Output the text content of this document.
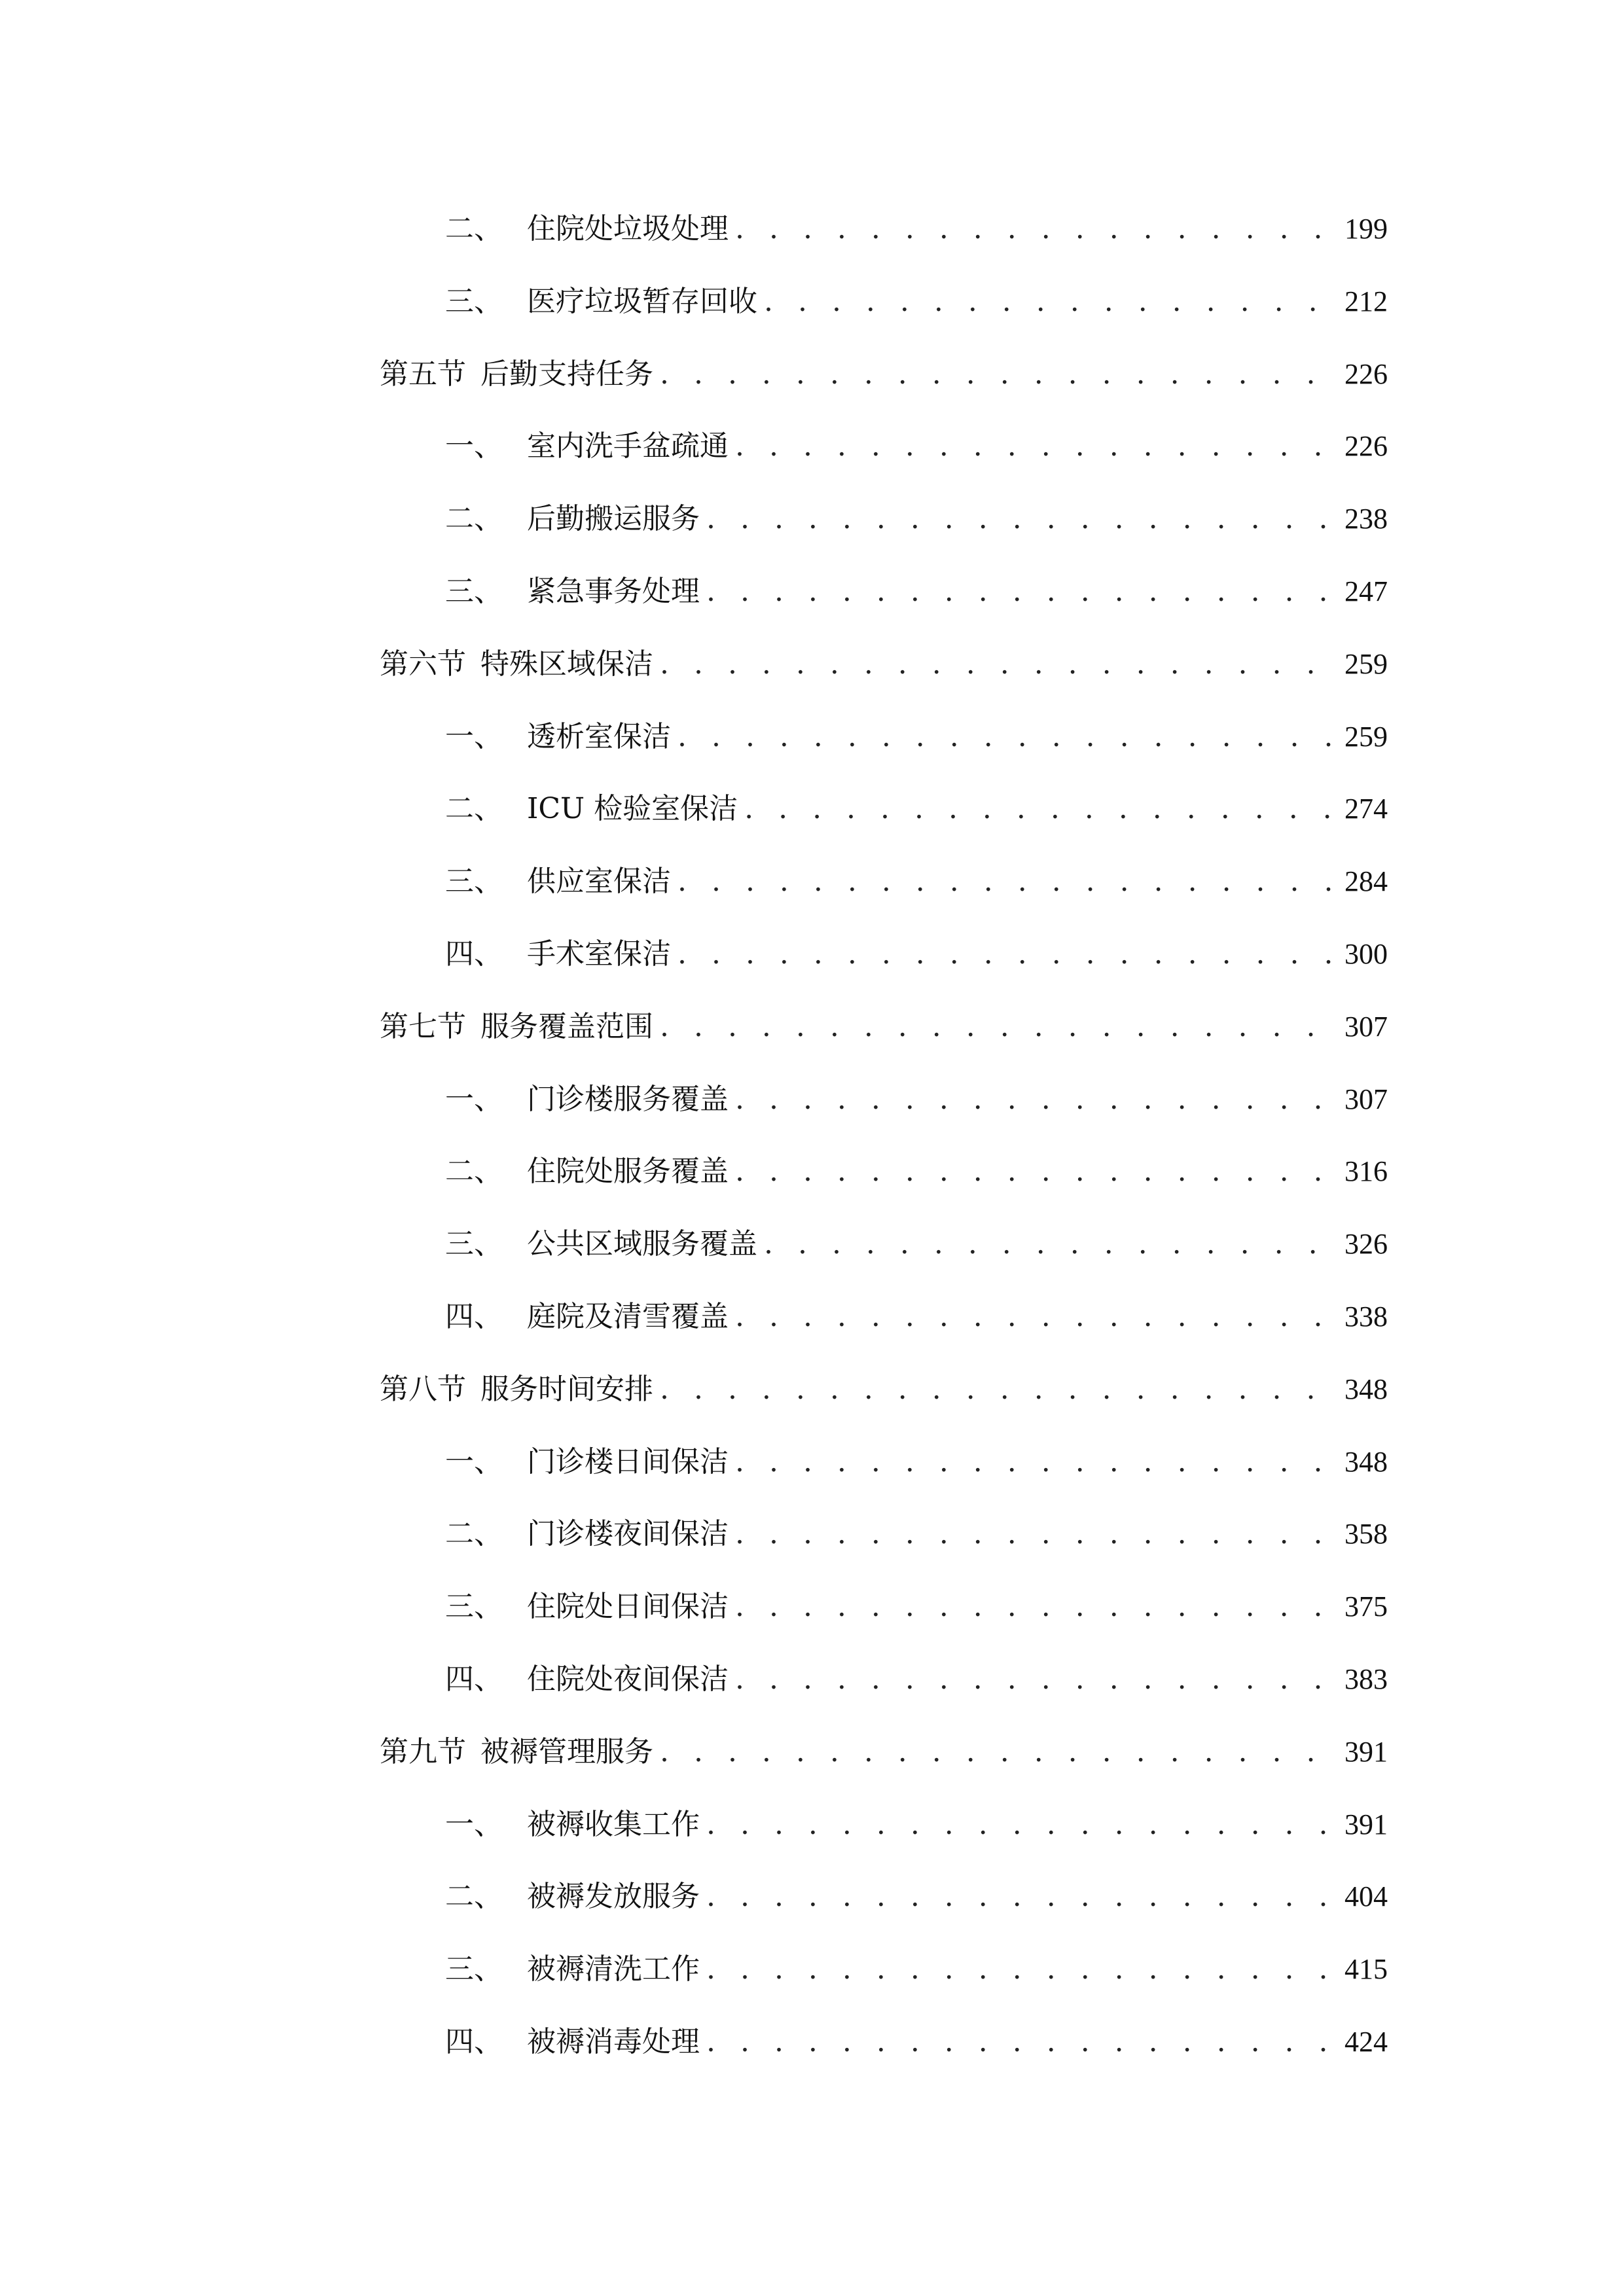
二、 住院处垃圾处理 . . .	199
三、 医疗垃圾暂存回收 . . .	212
第五节 后勤支持任务 . . .	226
一、 室内洗手盆疏通 . . .	226
二、 后勤搬运服务 . . .	238
三、 紧急事务处理 . . .	247
第六节 特殊区域保洁 . . .	259
一、 透析室保洁 . . .	259
二、 ICU 检验室保洁 . . .	274
三、 供应室保洁 . . .	284
四、 手术室保洁 . . .	300
第七节 服务覆盖范围 . . .	307
一、 门诊楼服务覆盖 . . .	307
二、 住院处服务覆盖 . . .	316
三、 公共区域服务覆盖 . . .	326
四、 庭院及清雪覆盖 . . .	338
第八节 服务时间安排 . . .	348
一、 门诊楼日间保洁 . . .	348
二、 门诊楼夜间保洁 . . .	358
三、 住院处日间保洁 . . .	375
四、 住院处夜间保洁 . . .	383
第九节 被褥管理服务 . . .	391
一、 被褥收集工作 . . .	391
二、 被褥发放服务 . . .	404
三、 被褥清洗工作 . . .	415
四、 被褥消毒处理 . . .	424
